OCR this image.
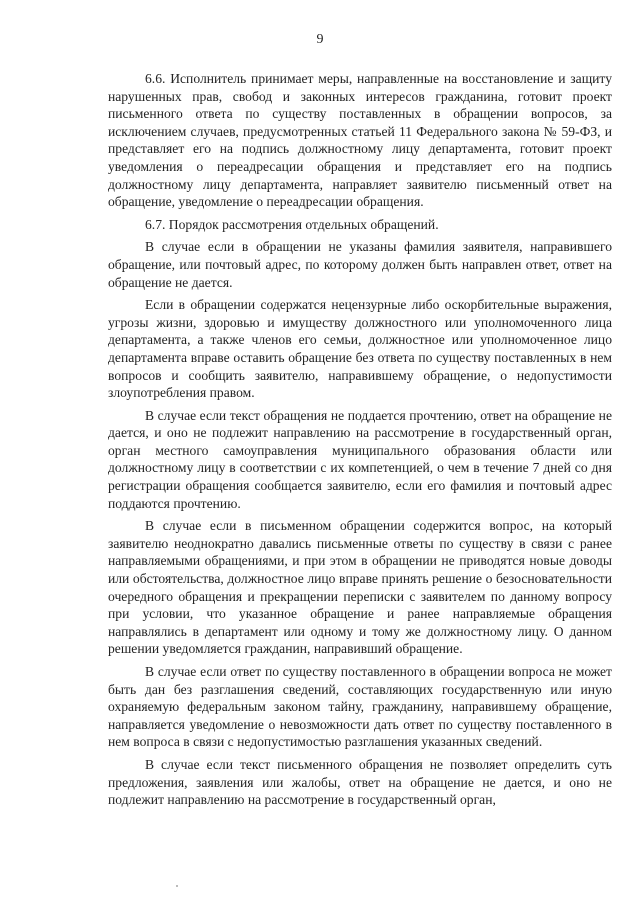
9

6.6. Исполнитель принимает меры, направленные на восстановление и защиту нарушенных прав, свобод и законных интересов гражданина, готовит проект письменного ответа по существу поставленных в обращении вопросов, за исключением случаев, предусмотренных статьей 11 Федерального закона № 59-ФЗ, и представляет его на подпись должностному лицу департамента, готовит проект уведомления о переадресации обращения и представляет его на подпись должностному лицу департамента, направляет заявителю письменный ответ на обращение, уведомление о переадресации обращения.

6.7. Порядок рассмотрения отдельных обращений.

В случае если в обращении не указаны фамилия заявителя, направившего обращение, или почтовый адрес, по которому должен быть направлен ответ, ответ на обращение не дается.

Если в обращении содержатся нецензурные либо оскорбительные выражения, угрозы жизни, здоровью и имуществу должностного или уполномоченного лица департамента, а также членов его семьи, должностное или уполномоченное лицо департамента вправе оставить обращение без ответа по существу поставленных в нем вопросов и сообщить заявителю, направившему обращение, о недопустимости злоупотребления правом.

В случае если текст обращения не поддается прочтению, ответ на обращение не дается, и оно не подлежит направлению на рассмотрение в государственный орган, орган местного самоуправления муниципального образования области или должностному лицу в соответствии с их компетенцией, о чем в течение 7 дней со дня регистрации обращения сообщается заявителю, если его фамилия и почтовый адрес поддаются прочтению.

В случае если в письменном обращении содержится вопрос, на который заявителю неоднократно давались письменные ответы по существу в связи с ранее направляемыми обращениями, и при этом в обращении не приводятся новые доводы или обстоятельства, должностное лицо вправе принять решение о безосновательности очередного обращения и прекращении переписки с заявителем по данному вопросу при условии, что указанное обращение и ранее направляемые обращения направлялись в департамент или одному и тому же должностному лицу. О данном решении уведомляется гражданин, направивший обращение.

В случае если ответ по существу поставленного в обращении вопроса не может быть дан без разглашения сведений, составляющих государственную или иную охраняемую федеральным законом тайну, гражданину, направившему обращение, направляется уведомление о невозможности дать ответ по существу поставленного в нем вопроса в связи с недопустимостью разглашения указанных сведений.

В случае если текст письменного обращения не позволяет определить суть предложения, заявления или жалобы, ответ на обращение не дается, и оно не подлежит направлению на рассмотрение в государственный орган,
